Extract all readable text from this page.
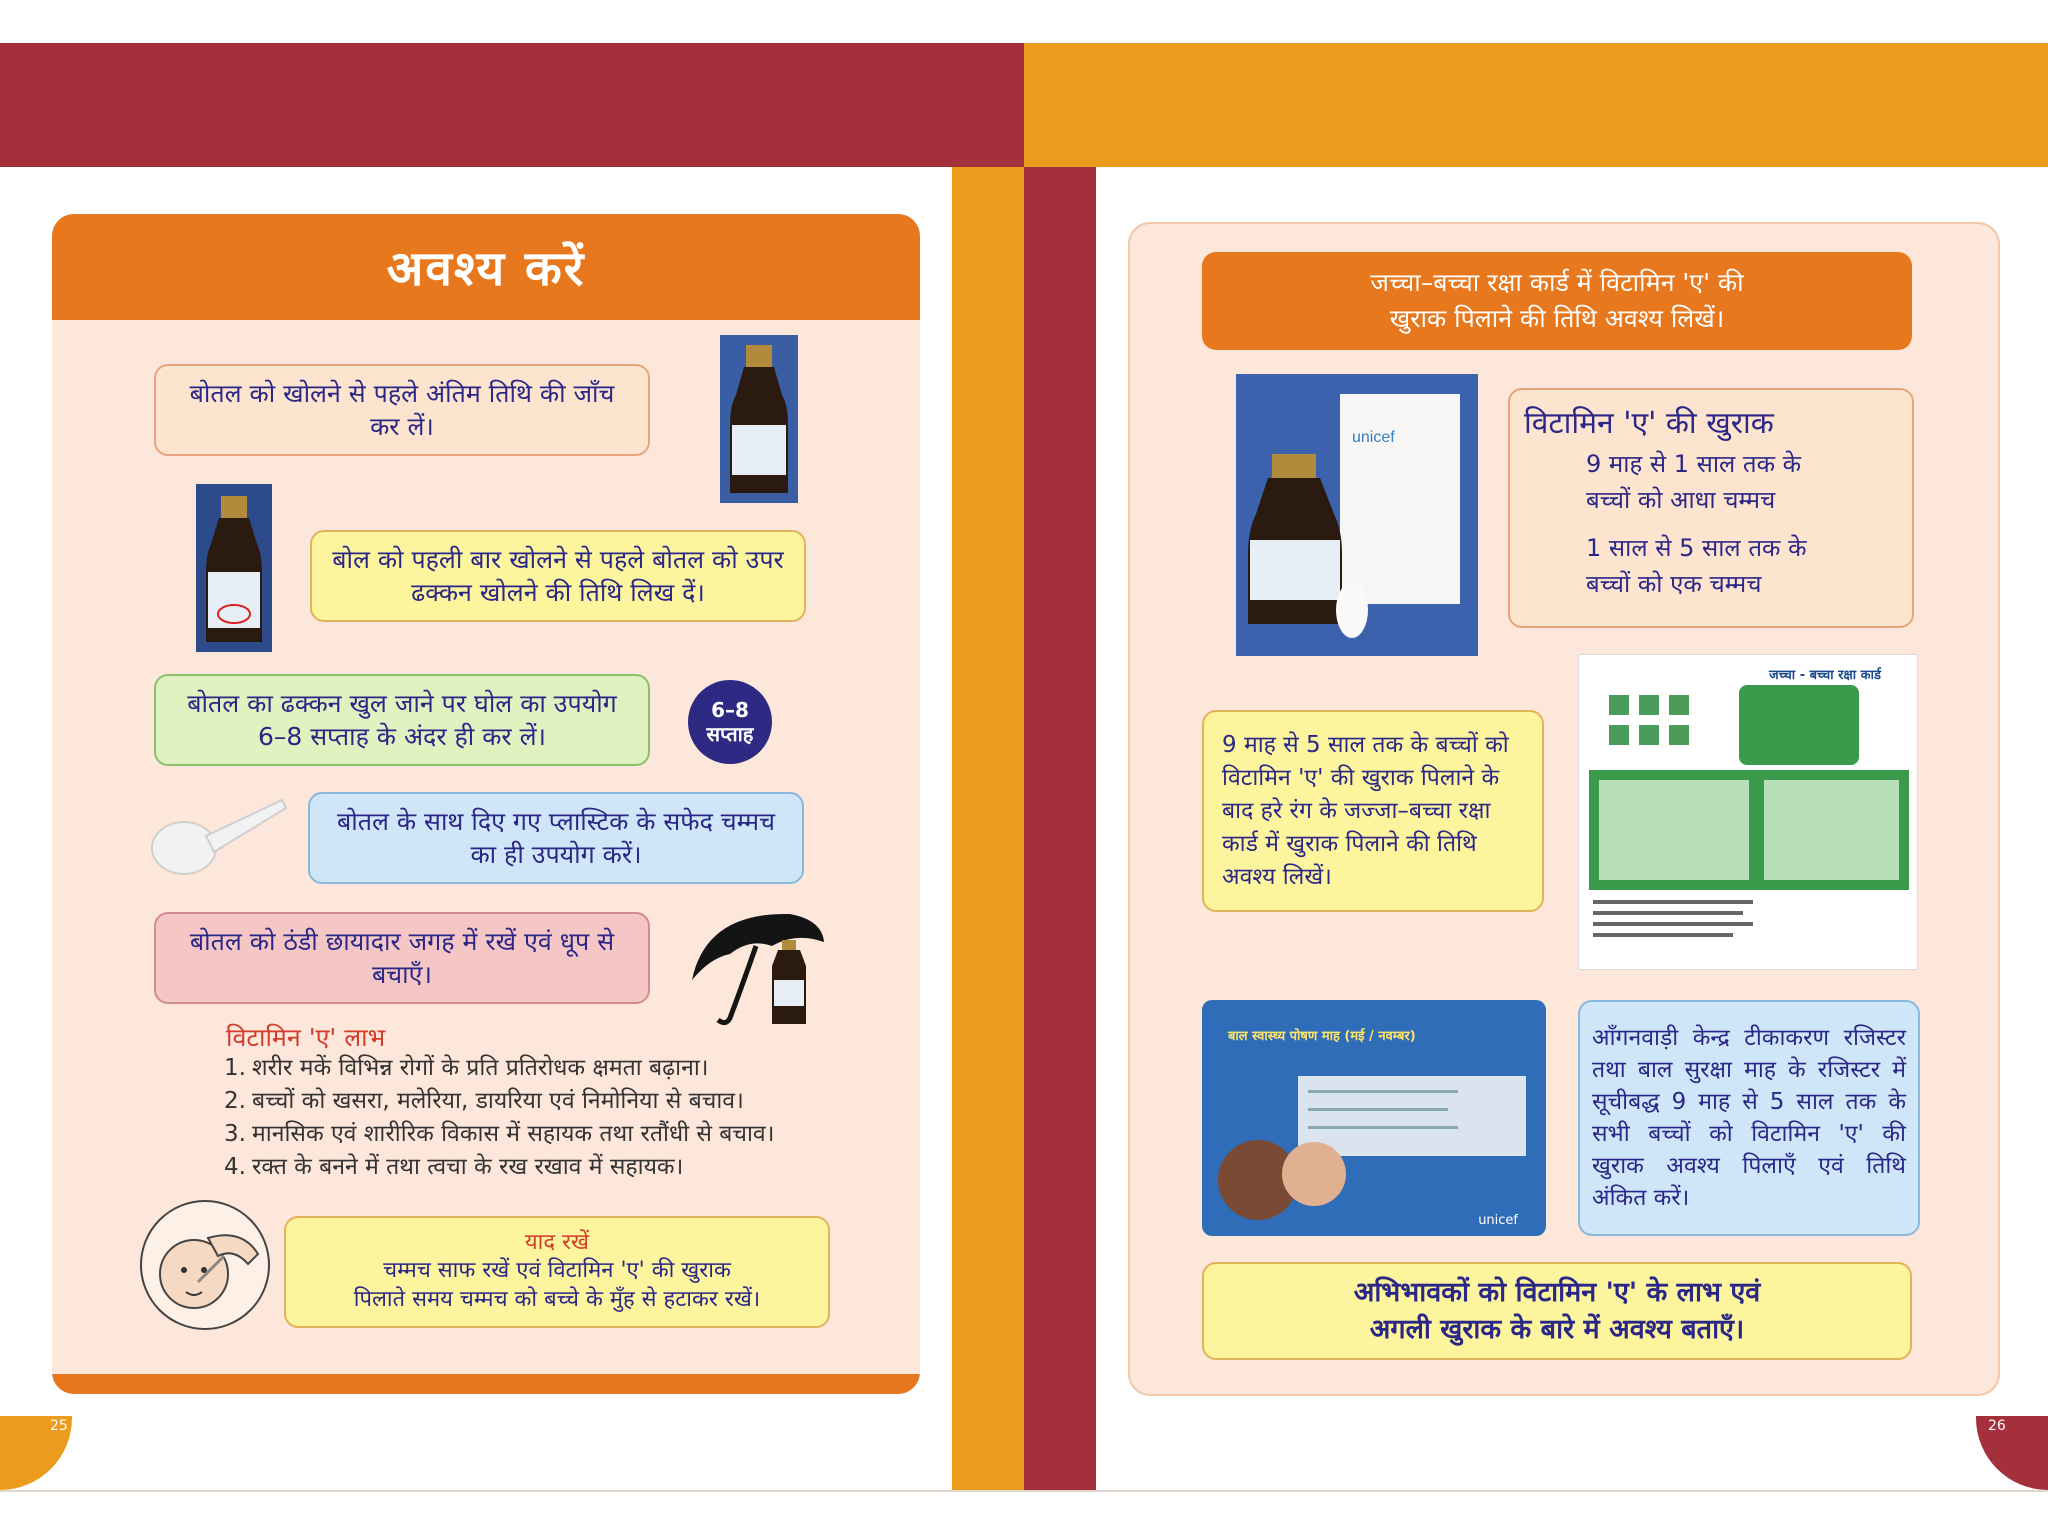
अवश्य करें
बोतल को खोलने से पहले अंतिम तिथि की जाँच कर लें।
बोल को पहली बार खोलने से पहले बोतल को उपर ढक्कन खोलने की तिथि लिख दें।
बोतल का ढक्कन खुल जाने पर घोल का उपयोग 6–8 सप्ताह के अंदर ही कर लें।
6–8
सप्ताह
बोतल के साथ दिए गए प्लास्टिक के सफेद चम्मच का ही उपयोग करें।
बोतल को ठंडी छायादार जगह में रखें एवं धूप से बचाएँ।
विटामिन 'ए' लाभ
1. शरीर मकें विभिन्न रोगों के प्रति प्रतिरोधक क्षमता बढ़ाना।
2. बच्चों को खसरा, मलेरिया, डायरिया एवं निमोनिया से बचाव।
3. मानसिक एवं शारीरिक विकास में सहायक तथा रतौंधी से बचाव।
4. रक्त के बनने में तथा त्वचा के रख रखाव में सहायक।
याद रखें
चम्मच साफ रखें एवं विटामिन 'ए' की खुराक
पिलाते समय चम्मच को बच्चे के मुँह से हटाकर रखें।
25
जच्चा–बच्चा रक्षा कार्ड में विटामिन 'ए' की
खुराक पिलाने की तिथि अवश्य लिखें।
unicef	विटामिन 'ए' की खुराक
9 माह से 1 साल तक के
बच्चों को आधा चम्मच
1 साल से 5 साल तक के
बच्चों को एक चम्मच
9 माह से 5 साल तक के बच्चों को विटामिन 'ए' की खुराक पिलाने के बाद हरे रंग के जज्जा–बच्चा रक्षा कार्ड में खुराक पिलाने की तिथि अवश्य लिखें।
जच्चा - बच्चा रक्षा कार्ड
बाल स्वास्थ्य पोषण माह (मई / नवम्बर)
unicef
आँगनवाड़ी केन्द्र टीकाकरण रजिस्टर तथा बाल सुरक्षा माह के रजिस्टर में सूचीबद्ध 9 माह से 5 साल तक के सभी बच्चों को विटामिन 'ए' की खुराक अवश्य पिलाएँ एवं तिथि अंकित करें।
अभिभावकों को विटामिन 'ए' के लाभ एवं
अगली खुराक के बारे में अवश्य बताएँ।
26
